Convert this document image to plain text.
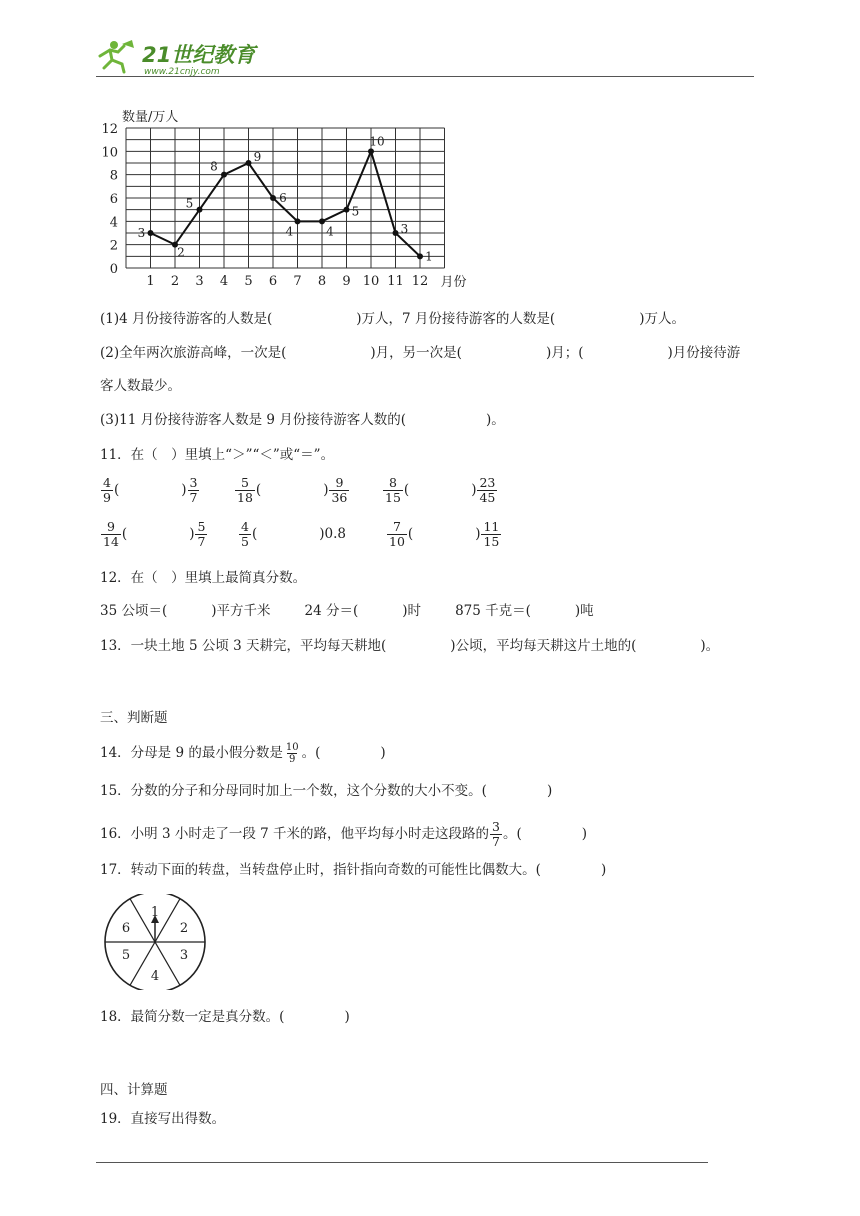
21世纪教育
www.21cnjy.com
0
2
4
6
8
10
12
1 2 3 4 5 6 7 8 9 10 11 12
数量/万人
月份
3
2
5
8
9
6
4	4
5
10
3
1
(1)4 月份接待游客的人数是(	)万人，7 月份接待游客的人数是(	)万人。
(2)全年两次旅游高峰，一次是(	)月，另一次是(	)月；(	)月份接待游
客人数最少。
(3)11 月份接待游客人数是 9 月份接待游客人数的(	)。
11．在（　）里填上“＞”“＜”或“＝”。
$\frac{4}{9}$ (	) $\frac{3}{7}$	$\frac{5}{18}$ (	) $\frac{9}{36}$	$\frac{8}{15}$ (	) $\frac{23}{45}$
$\frac{9}{14}$ (	) $\frac{5}{7}$	$\frac{4}{5}$ (	)0.8	$\frac{7}{10}$ (	) $\frac{11}{15}$
12．在（　）里填上最简真分数。
35 公顷＝(	)平方千米	24 分＝(	)时	875 千克＝(	)吨
13．一块土地 5 公顷 3 天耕完，平均每天耕地(	)公顷，平均每天耕这片土地的(	)。
三、判断题
14．分母是 9 的最小假分数是 $\frac{10}{9}$ 。(	)
15．分数的分子和分母同时加上一个数，这个分数的大小不变。(	)
16．小明 3 小时走了一段 7 千米的路，他平均每小时走这段路的 $\frac{3}{7}$ 。(	)
17．转动下面的转盘，当转盘停止时，指针指向奇数的可能性比偶数大。(	)
1
2
3
4
5
6
18．最简分数一定是真分数。(	)
四、计算题
19．直接写出得数。
